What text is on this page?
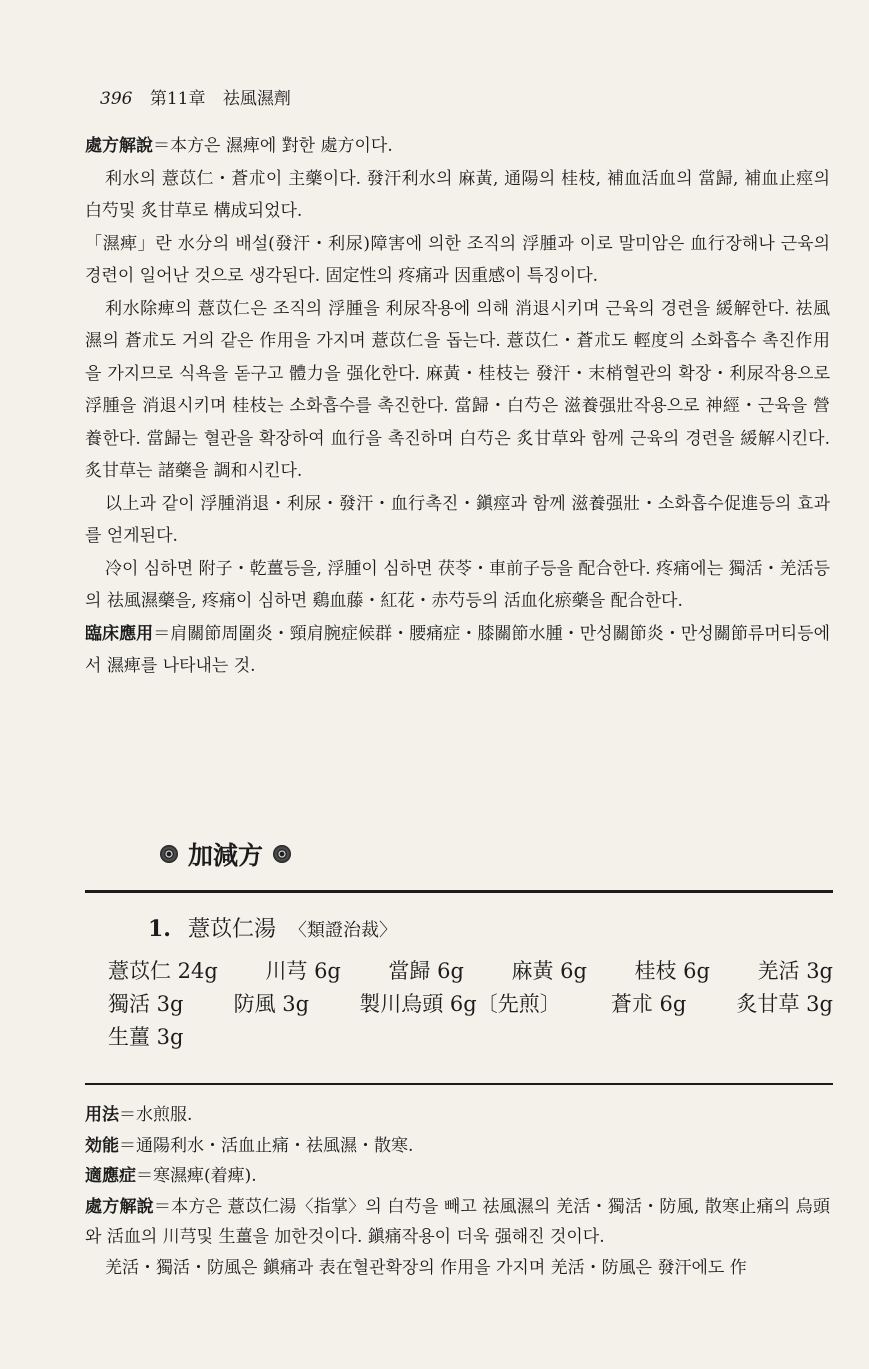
396 第11章 祛風濕劑

處方解說＝本方은 濕痺에 對한 處方이다.

利水의 薏苡仁・蒼朮이 主藥이다. 發汗利水의 麻黃, 通陽의 桂枝, 補血活血의 當歸, 補血止痙의 白芍및 炙甘草로 構成되었다.

「濕痺」란 水分의 배설(發汗・利尿)障害에 의한 조직의 浮腫과 이로 말미암은 血行장해나 근육의 경련이 일어난 것으로 생각된다. 固定性의 疼痛과 因重感이 특징이다.

利水除痺의 薏苡仁은 조직의 浮腫을 利尿작용에 의해 消退시키며 근육의 경련을 緩解한다. 祛風濕의 蒼朮도 거의 같은 作用을 가지며 薏苡仁을 돕는다. 薏苡仁・蒼朮도 輕度의 소화흡수 촉진作用을 가지므로 식욕을 돋구고 體力을 强化한다. 麻黃・桂枝는 發汗・末梢혈관의 확장・利尿작용으로 浮腫을 消退시키며 桂枝는 소화흡수를 촉진한다. 當歸・白芍은 滋養强壯작용으로 神經・근육을 營養한다. 當歸는 혈관을 확장하여 血行을 촉진하며 白芍은 炙甘草와 함께 근육의 경련을 緩解시킨다. 炙甘草는 諸藥을 調和시킨다.

以上과 같이 浮腫消退・利尿・發汗・血行촉진・鎭痙과 함께 滋養强壯・소화흡수促進등의 효과를 얻게된다.

冷이 심하면 附子・乾薑등을, 浮腫이 심하면 茯苓・車前子등을 配合한다. 疼痛에는 獨活・羌活등의 祛風濕藥을, 疼痛이 심하면 鷄血藤・紅花・赤芍등의 活血化瘀藥을 配合한다.

臨床應用＝肩關節周圍炎・頸肩腕症候群・腰痛症・膝關節水腫・만성關節炎・만성關節류머티등에서 濕痺를 나타내는 것.

加減方
1. 薏苡仁湯 〈類證治裁〉
薏苡仁 24g 川芎 6g 當歸 6g 麻黃 6g 桂枝 6g 羌活 3g
獨活 3g 防風 3g 製川烏頭 6g〔先煎〕 蒼朮 6g 炙甘草 3g
生薑 3g

用法＝水煎服.

効能＝通陽利水・活血止痛・祛風濕・散寒.

適應症＝寒濕痺(着痺).

處方解說＝本方은 薏苡仁湯〈指掌〉의 白芍을 빼고 祛風濕의 羌活・獨活・防風, 散寒止痛의 烏頭와 活血의 川芎및 生薑을 加한것이다. 鎭痛작용이 더욱 强해진 것이다.

羌活・獨活・防風은 鎭痛과 表在혈관확장의 作用을 가지며 羌活・防風은 發汗에도 作
